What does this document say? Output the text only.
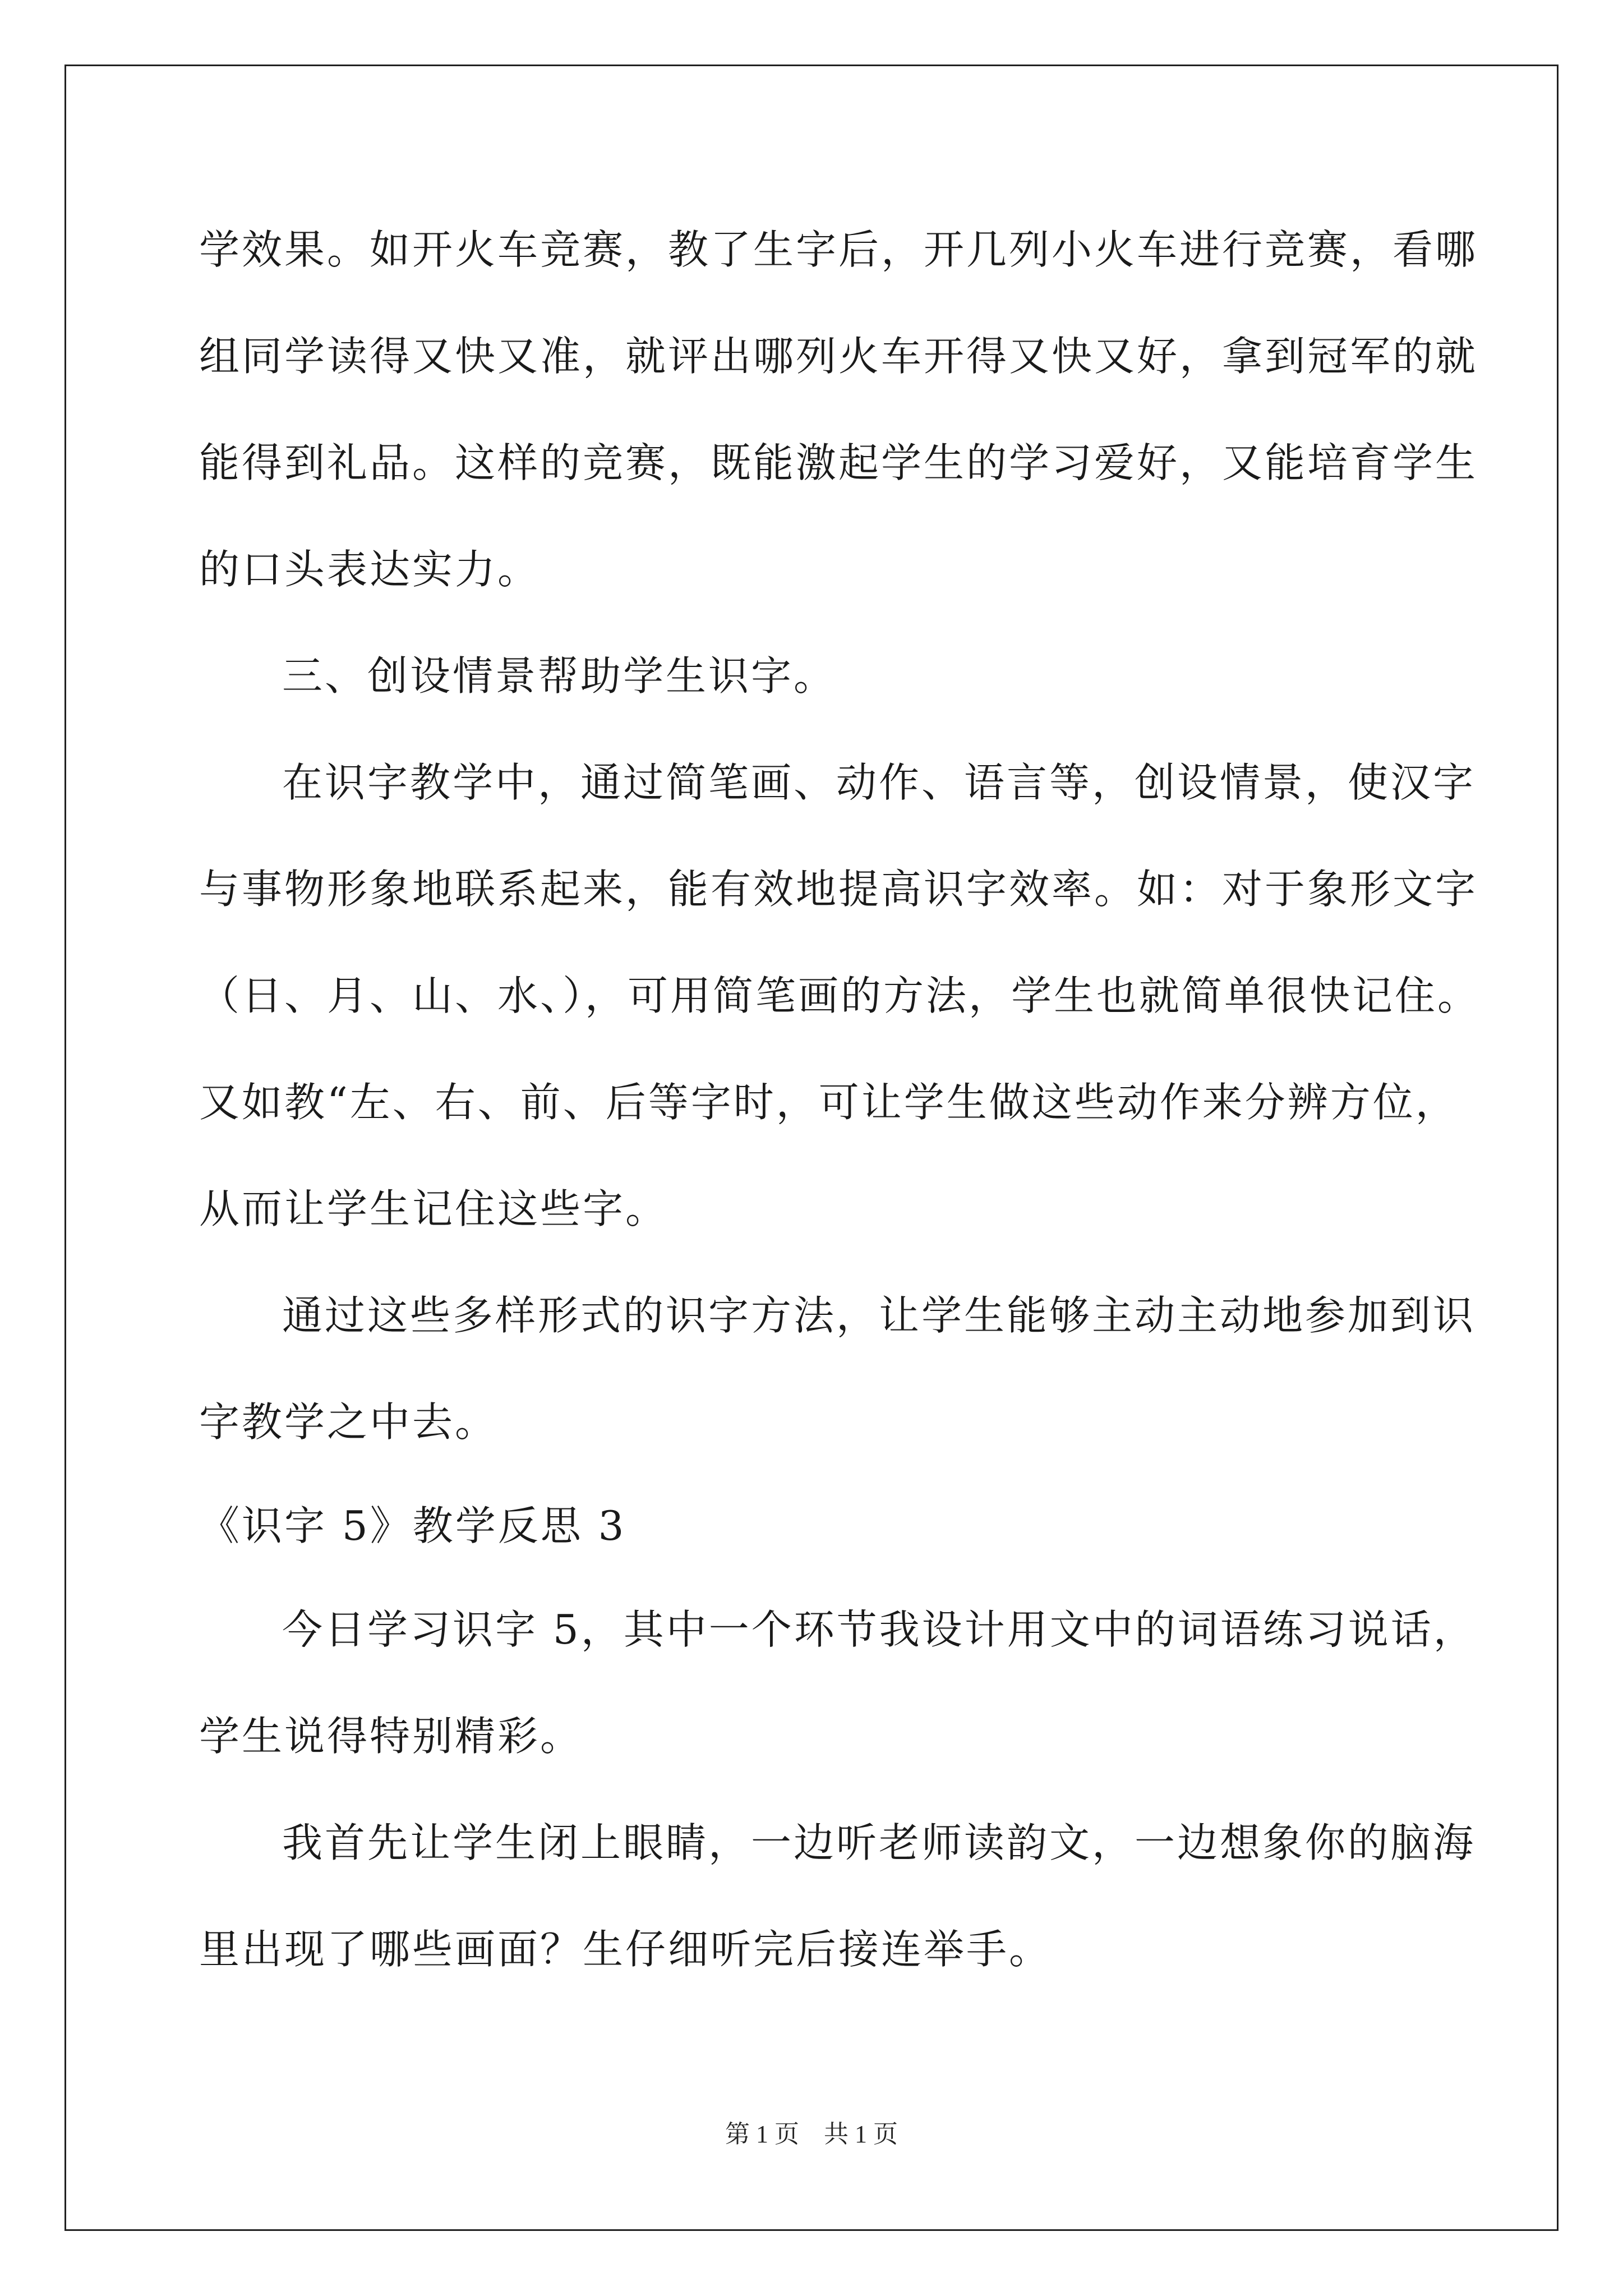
学效果。如开火车竞赛，教了生字后，开几列小火车进行竞赛，看哪
组同学读得又快又准，就评出哪列火车开得又快又好，拿到冠军的就
能得到礼品。这样的竞赛，既能激起学生的学习爱好，又能培育学生
的口头表达实力。
三、创设情景帮助学生识字。
在识字教学中，通过简笔画、动作、语言等，创设情景，使汉字
与事物形象地联系起来，能有效地提高识字效率。如：对于象形文字
（日、月、山、水、），可用简笔画的方法，学生也就简单很快记住。
又如教“左、右、前、后等字时，可让学生做这些动作来分辨方位，
从而让学生记住这些字。
通过这些多样形式的识字方法，让学生能够主动主动地参加到识
字教学之中去。
《识字 5》教学反思 3
今日学习识字 5，其中一个环节我设计用文中的词语练习说话，
学生说得特别精彩。
我首先让学生闭上眼睛，一边听老师读韵文，一边想象你的脑海
里出现了哪些画面？生仔细听完后接连举手。
第 1 页　共 1 页
